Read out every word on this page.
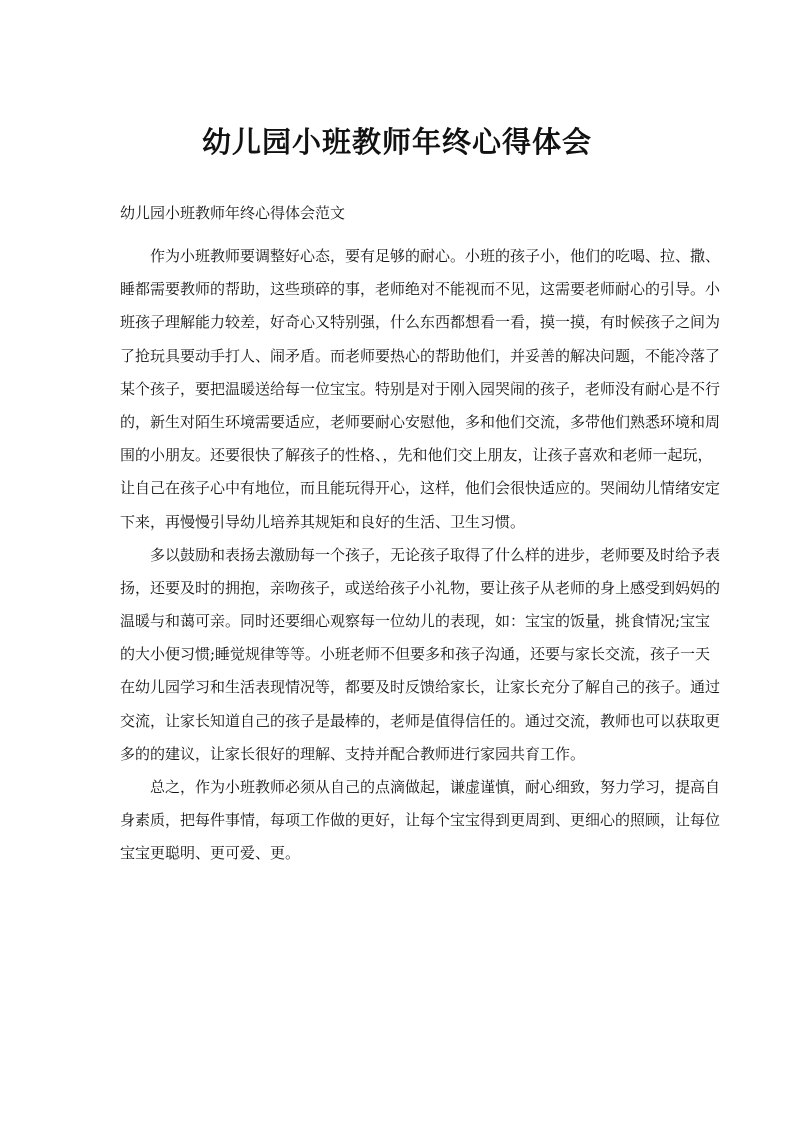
幼儿园小班教师年终心得体会

幼儿园小班教师年终心得体会范文

作为小班教师要调整好心态，要有足够的耐心。小班的孩子小，他们的吃喝、拉、撒、
睡都需要教师的帮助，这些琐碎的事，老师绝对不能视而不见，这需要老师耐心的引导。小
班孩子理解能力较差，好奇心又特别强，什么东西都想看一看，摸一摸，有时候孩子之间为
了抢玩具要动手打人、闹矛盾。而老师要热心的帮助他们，并妥善的解决问题，不能冷落了
某个孩子，要把温暖送给每一位宝宝。特别是对于刚入园哭闹的孩子，老师没有耐心是不行
的，新生对陌生环境需要适应，老师要耐心安慰他，多和他们交流，多带他们熟悉环境和周
围的小朋友。还要很快了解孩子的性格、，先和他们交上朋友，让孩子喜欢和老师一起玩，
让自己在孩子心中有地位，而且能玩得开心，这样，他们会很快适应的。哭闹幼儿情绪安定
下来，再慢慢引导幼儿培养其规矩和良好的生活、卫生习惯。

多以鼓励和表扬去激励每一个孩子，无论孩子取得了什么样的进步，老师要及时给予表
扬，还要及时的拥抱，亲吻孩子，或送给孩子小礼物，要让孩子从老师的身上感受到妈妈的
温暖与和蔼可亲。同时还要细心观察每一位幼儿的表现，如：宝宝的饭量，挑食情况;宝宝
的大小便习惯;睡觉规律等等。小班老师不但要多和孩子沟通，还要与家长交流，孩子一天
在幼儿园学习和生活表现情况等，都要及时反馈给家长，让家长充分了解自己的孩子。通过
交流，让家长知道自己的孩子是最棒的，老师是值得信任的。通过交流，教师也可以获取更
多的的建议，让家长很好的理解、支持并配合教师进行家园共育工作。

总之，作为小班教师必须从自己的点滴做起，谦虚谨慎，耐心细致，努力学习，提高自
身素质，把每件事情，每项工作做的更好，让每个宝宝得到更周到、更细心的照顾，让每位
宝宝更聪明、更可爱、更。
